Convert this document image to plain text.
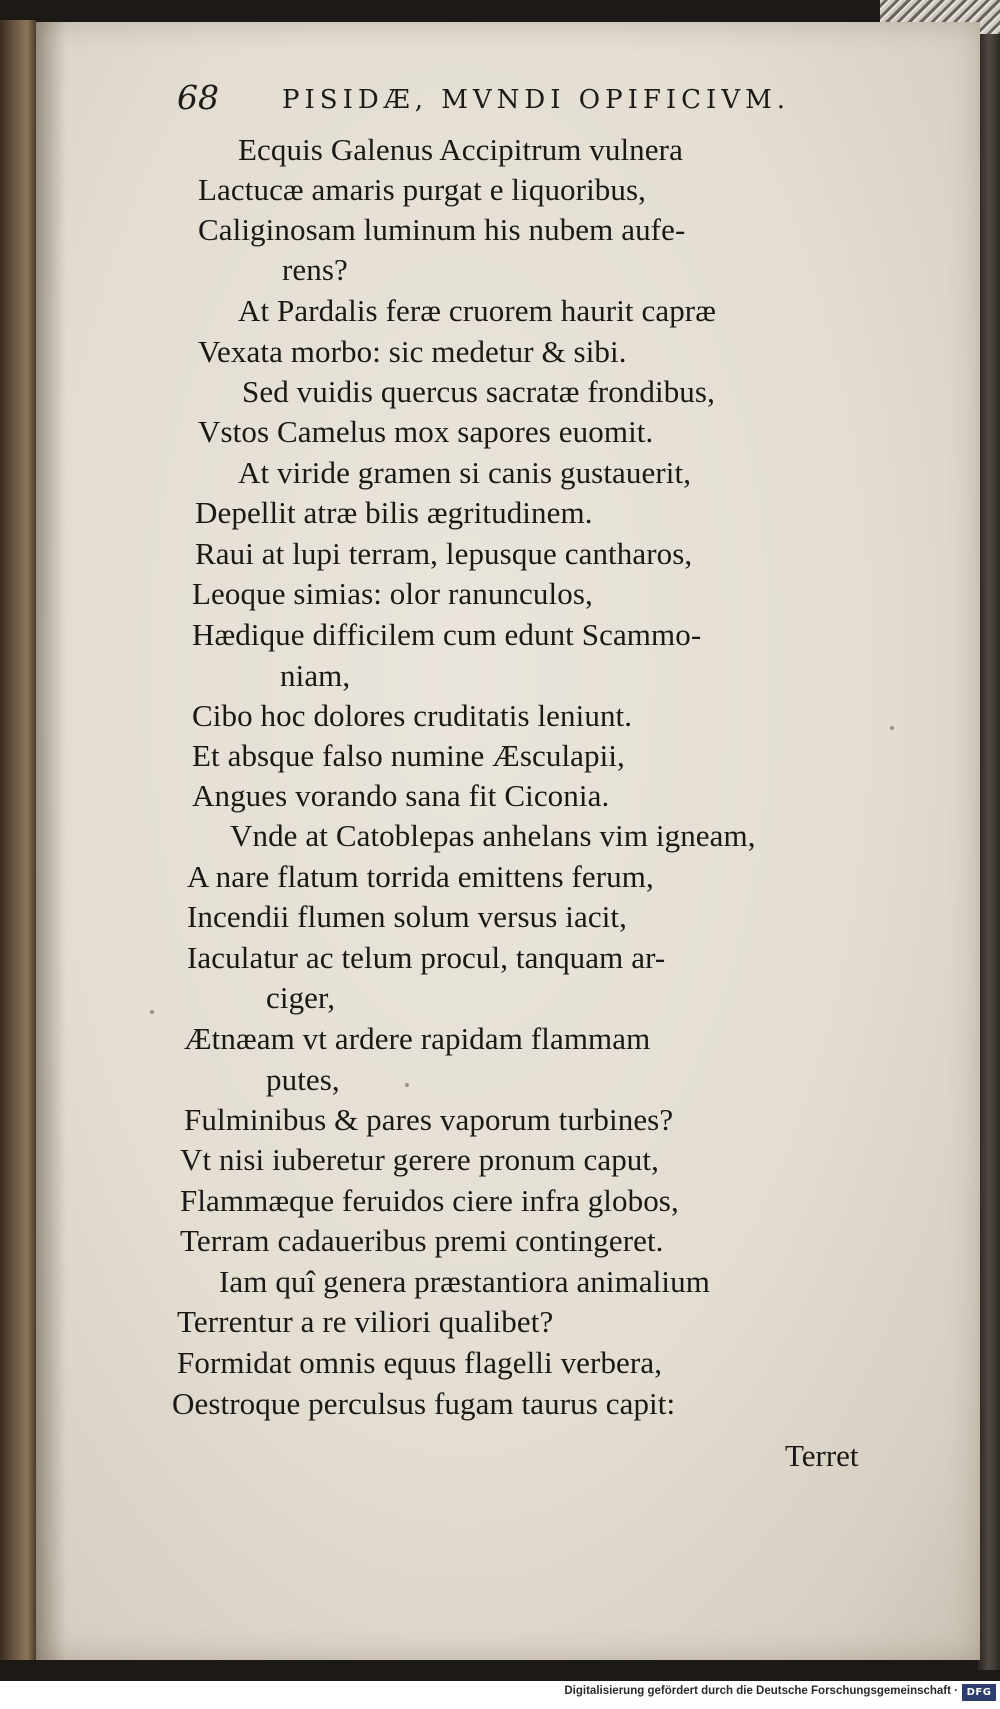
68 PISIDÆ, MVNDI OPIFICIVM.
Ecquis Galenus Accipitrum vulnera
Lactucæ amaris purgat e liquoribus,
Caliginosam luminum his nubem aufe-
rens?
At Pardalis feræ cruorem haurit capræ
Vexata morbo: sic medetur & sibi.
Sed vuidis quercus sacratæ frondibus,
Vstos Camelus mox sapores euomit.
At viride gramen si canis gustauerit,
Depellit atræ bilis ægritudinem.
Raui at lupi terram, lepusque cantharos,
Leoque simias: olor ranunculos,
Hædique difficilem cum edunt Scammo-
niam,
Cibo hoc dolores cruditatis leniunt.
Et absque falso numine Æsculapii,
Angues vorando sana fit Ciconia.
Vnde at Catoblepas anhelans vim igneam,
A nare flatum torrida emittens ferum,
Incendii flumen solum versus iacit,
Iaculatur ac telum procul, tanquam ar-
ciger,
Ætnæam vt ardere rapidam flammam
putes,
Fulminibus & pares vaporum turbines?
Vt nisi iuberetur gerere pronum caput,
Flammæque feruidos ciere infra globos,
Terram cadaueribus premi contingeret.
Iam quî genera præstantiora animalium
Terrentur a re viliori qualibet?
Formidat omnis equus flagelli verbera,
Oestroque perculsus fugam taurus capit:
Terret
Digitalisierung gefördert durch die Deutsche Forschungsgemeinschaft · DFG
